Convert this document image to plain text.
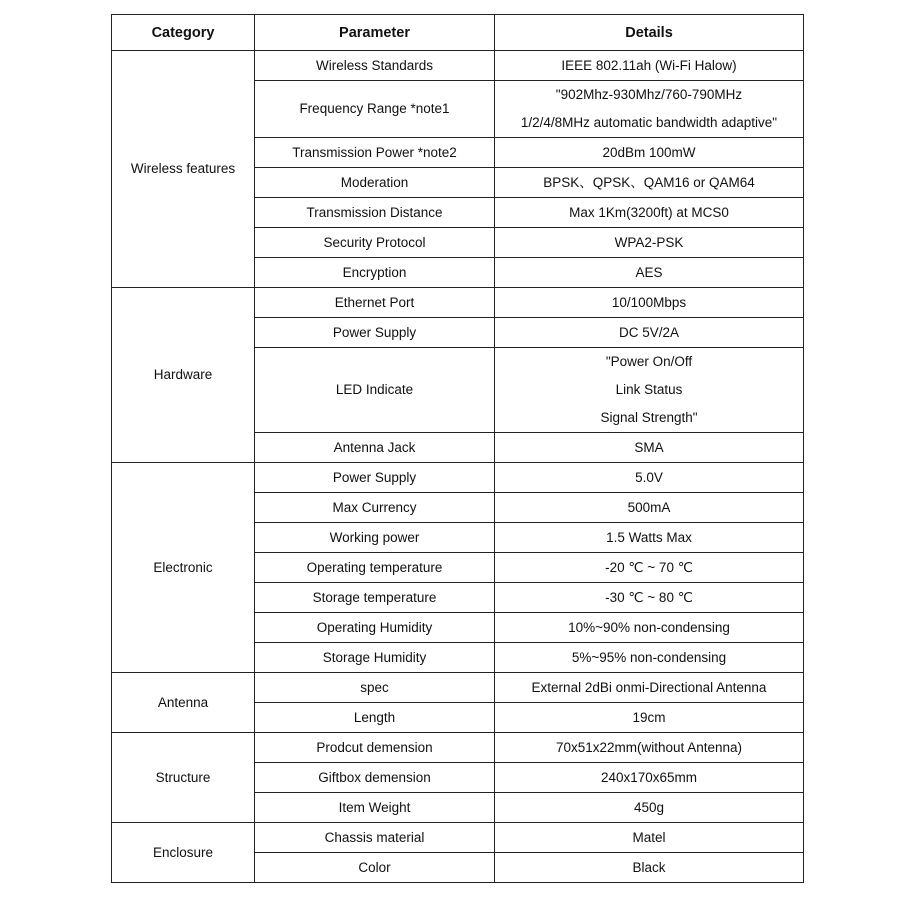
Category	Parameter	Details
Wireless features	Wireless Standards	IEEE 802.11ah (Wi-Fi Halow)

	Frequency Range *note1	"902Mhz-930Mhz/760-790MHz
1/2/4/8MHz automatic bandwidth adaptive"

	Transmission Power *note2	20dBm 100mW

	Moderation	BPSK、QPSK、QAM16 or QAM64

	Transmission Distance	Max 1Km(3200ft) at MCS0

	Security Protocol	WPA2-PSK

	Encryption	AES

Hardware	Ethernet Port	10/100Mbps

	Power Supply	DC 5V/2A

	LED Indicate	"Power On/Off
Link Status
Signal Strength"

	Antenna Jack	SMA

Electronic	Power Supply	5.0V

	Max Currency	500mA

	Working power	1.5 Watts Max

	Operating temperature	-20 ℃ ~ 70 ℃

	Storage temperature	-30 ℃ ~ 80 ℃

	Operating Humidity	10%~90% non-condensing

	Storage Humidity	5%~95% non-condensing

Antenna	spec	External 2dBi onmi-Directional Antenna

	Length	19cm

Structure	Prodcut demension	70x51x22mm(without Antenna)

	Giftbox demension	240x170x65mm

	Item Weight	450g

Enclosure	Chassis material	Matel

	Color	Black
